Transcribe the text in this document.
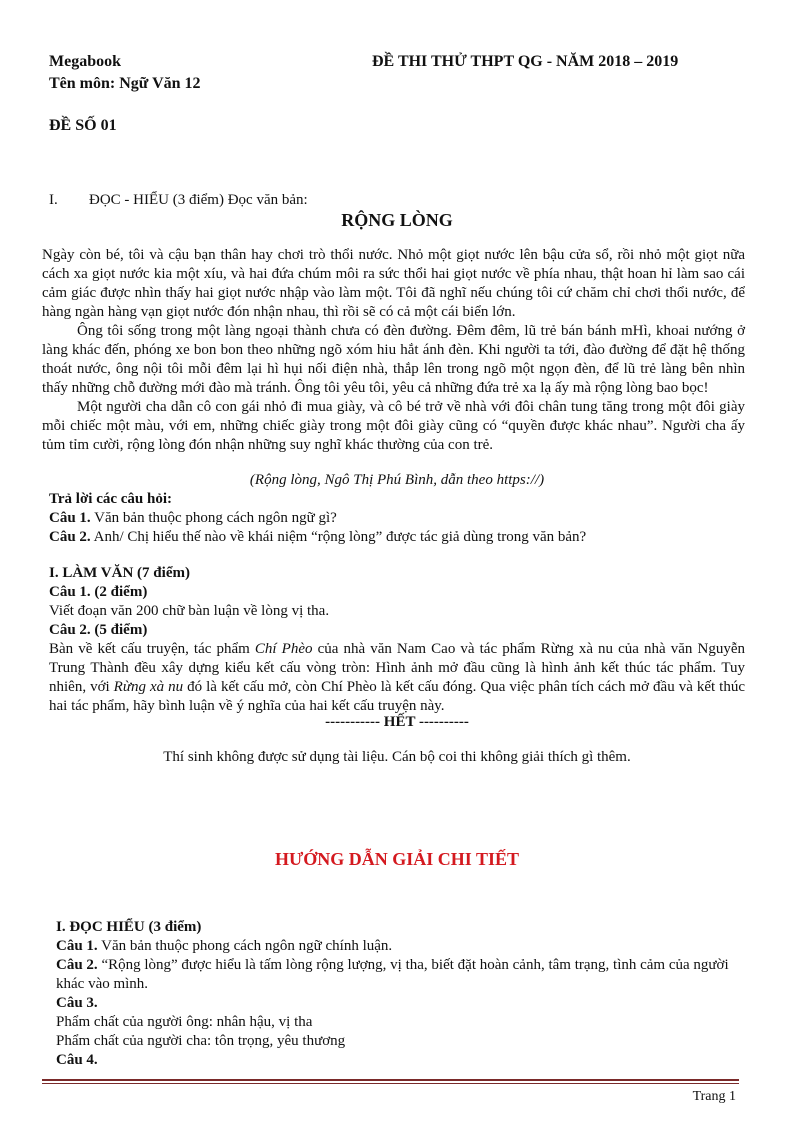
Megabook	ĐỀ THI THỬ THPT QG - NĂM 2018 – 2019
Tên môn: Ngữ Văn 12
ĐỀ SỐ 01
I. ĐỌC - HIỂU (3 điểm) Đọc văn bản:
RỘNG LÒNG

Ngày còn bé, tôi và cậu bạn thân hay chơi trò thổi nước. Nhỏ một giọt nước lên bậu cửa sổ, rồi nhỏ một giọt nữa cách xa giọt nước kia một xíu, và hai đứa chúm môi ra sức thổi hai giọt nước về phía nhau, thật hoan hỉ làm sao cái cảm giác được nhìn thấy hai giọt nước nhập vào làm một. Tôi đã nghĩ nếu chúng tôi cứ chăm chỉ chơi thổi nước, để hàng ngàn hàng vạn giọt nước đón nhận nhau, thì rồi sẽ có cả một cái biển lớn.

Ông tôi sống trong một làng ngoại thành chưa có đèn đường. Đêm đêm, lũ trẻ bán bánh mHì, khoai nướng ở làng khác đến, phóng xe bon bon theo những ngõ xóm hiu hắt ánh đèn. Khi người ta tới, đào đường để đặt hệ thống thoát nước, ông nội tôi mỗi đêm lại hì hụi nối điện nhà, thắp lên trong ngõ một ngọn đèn, để lũ trẻ làng bên nhìn thấy những chỗ đường mới đào mà tránh. Ông tôi yêu tôi, yêu cả những đứa trẻ xa lạ ấy mà rộng lòng bao bọc!

Một người cha dẫn cô con gái nhỏ đi mua giày, và cô bé trở về nhà với đôi chân tung tăng trong một đôi giày mỗi chiếc một màu, với em, những chiếc giày trong một đôi giày cũng có “quyền được khác nhau”. Người cha ấy tủm tỉm cười, rộng lòng đón nhận những suy nghĩ khác thường của con trẻ.

(Rộng lòng, Ngô Thị Phú Bình, dẫn theo https://)

Trả lời các câu hỏi:

Câu 1. Văn bản thuộc phong cách ngôn ngữ gì?

Câu 2. Anh/ Chị hiểu thế nào về khái niệm “rộng lòng” được tác giả dùng trong văn bản?

I. LÀM VĂN (7 điểm)

Câu 1. (2 điểm)

Viết đoạn văn 200 chữ bàn luận về lòng vị tha.

Câu 2. (5 điểm)

Bàn về kết cấu truyện, tác phẩm Chí Phèo của nhà văn Nam Cao và tác phẩm Rừng xà nu của nhà văn Nguyễn Trung Thành đều xây dựng kiểu kết cấu vòng tròn: Hình ảnh mở đầu cũng là hình ảnh kết thúc tác phẩm. Tuy nhiên, với Rừng xà nu đó là kết cấu mở, còn Chí Phèo là kết cấu đóng. Qua việc phân tích cách mở đầu và kết thúc hai tác phẩm, hãy bình luận về ý nghĩa của hai kết cấu truyện này.

----------- HẾT ----------
Thí sinh không được sử dụng tài liệu. Cán bộ coi thi không giải thích gì thêm.
HƯỚNG DẪN GIẢI CHI TIẾT

I. ĐỌC HIỂU (3 điểm)

Câu 1. Văn bản thuộc phong cách ngôn ngữ chính luận.

Câu 2. “Rộng lòng” được hiểu là tấm lòng rộng lượng, vị tha, biết đặt hoàn cảnh, tâm trạng, tình cảm của người khác vào mình.

Câu 3.

Phẩm chất của người ông: nhân hậu, vị tha

Phẩm chất của người cha: tôn trọng, yêu thương

Câu 4.

Trang 1
